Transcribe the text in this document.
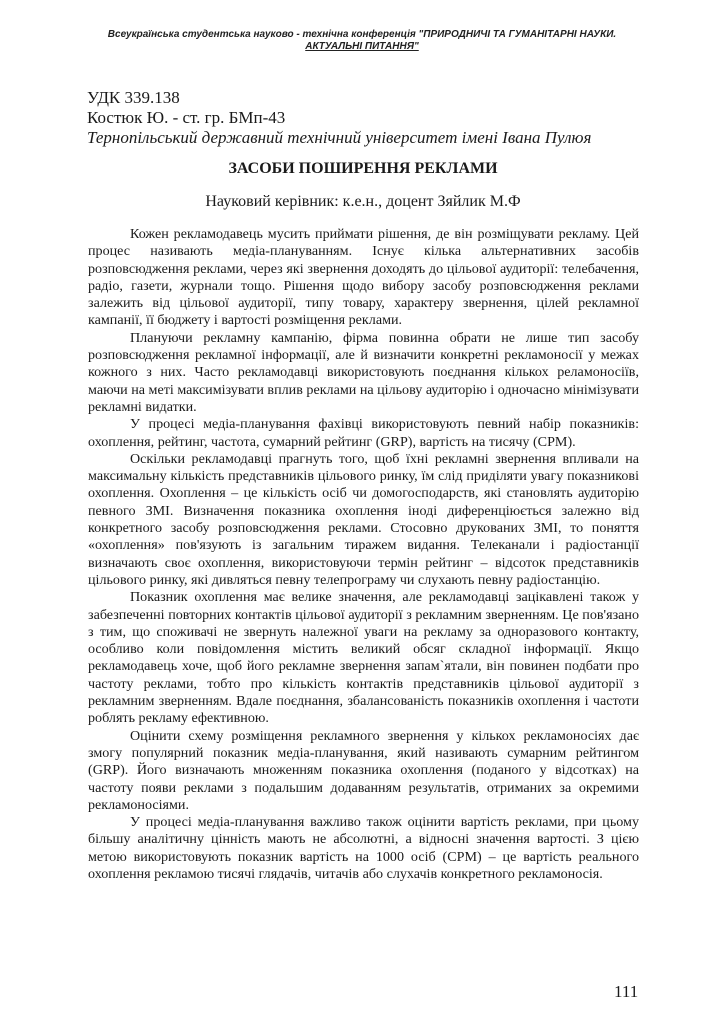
Всеукраїнська студентська науково - технічна конференція "ПРИРОДНИЧІ ТА ГУМАНІТАРНІ НАУКИ.
АКТУАЛЬНІ ПИТАННЯ"
УДК 339.138
Костюк Ю. - ст. гр. БМп-43
Тернопільський державний технічний університет імені Івана Пулюя
ЗАСОБИ ПОШИРЕННЯ РЕКЛАМИ
Науковий керівник: к.е.н., доцент Зяйлик М.Ф

Кожен рекламодавець мусить приймати рішення, де він розміщувати рекламу. Цей процес називають медіа-плануванням. Існує кілька альтернативних засобів розповсюдження реклами, через які звернення доходять до цільової аудиторії: телебачення, радіо, газети, журнали тощо. Рішення щодо вибору засобу розповсюдження реклами залежить від цільової аудиторії, типу товару, характеру звернення, цілей рекламної кампанії, її бюджету і вартості розміщення реклами.

Плануючи рекламну кампанію, фірма повинна обрати не лише тип засобу розповсюдження рекламної інформації, але й визначити конкретні рекламоносії у межах кожного з них. Часто рекламодавці використовують поєднання кількох реламоносіїв, маючи на меті максимізувати вплив реклами на цільову аудиторію і одночасно мінімізувати рекламні видатки.

У процесі медіа-планування фахівці використовують певний набір показників: охоплення, рейтинг, частота, сумарний рейтинг (GRP), вартість на тисячу (CPM).

Оскільки рекламодавці прагнуть того, щоб їхні рекламні звернення впливали на максимальну кількість представників цільового ринку, їм слід приділяти увагу показникові охоплення. Охоплення – це кількість осіб чи домогосподарств, які становлять аудиторію певного ЗМІ. Визначення показника охоплення іноді диференціюється залежно від конкретного засобу розповсюдження реклами. Стосовно друкованих ЗМІ, то поняття «охоплення» пов'язують із загальним тиражем видання. Телеканали і радіостанції визначають своє охоплення, використовуючи термін рейтинг – відсоток представників цільового ринку, які дивляться певну телепрограму чи слухають певну радіостанцію.

Показник охоплення має велике значення, але рекламодавці зацікавлені також у забезпеченні повторних контактів цільової аудиторії з рекламним зверненням. Це пов'язано з тим, що споживачі не звернуть належної уваги на рекламу за одноразового контакту, особливо коли повідомлення містить великий обсяг складної інформації. Якщо рекламодавець хоче, щоб його рекламне звернення запам`ятали, він повинен подбати про частоту реклами, тобто про кількість контактів представників цільової аудиторії з рекламним зверненням. Вдале поєднання, збалансованість показників охоплення і частоти роблять рекламу ефективною.

Оцінити схему розміщення рекламного звернення у кількох рекламоносіях дає змогу популярний показник медіа-планування, який називають сумарним рейтингом (GRP). Його визначають множенням показника охоплення (поданого у відсотках) на частоту появи реклами з подальшим додаванням результатів, отриманих за окремими рекламоносіями.

У процесі медіа-планування важливо також оцінити вартість реклами, при цьому більшу аналітичну цінність мають не абсолютні, а відносні значення вартості. З цією метою використовують показник вартість на 1000 осіб (CPM) – це вартість реального охоплення рекламою тисячі глядачів, читачів або слухачів конкретного рекламоносія.

111
